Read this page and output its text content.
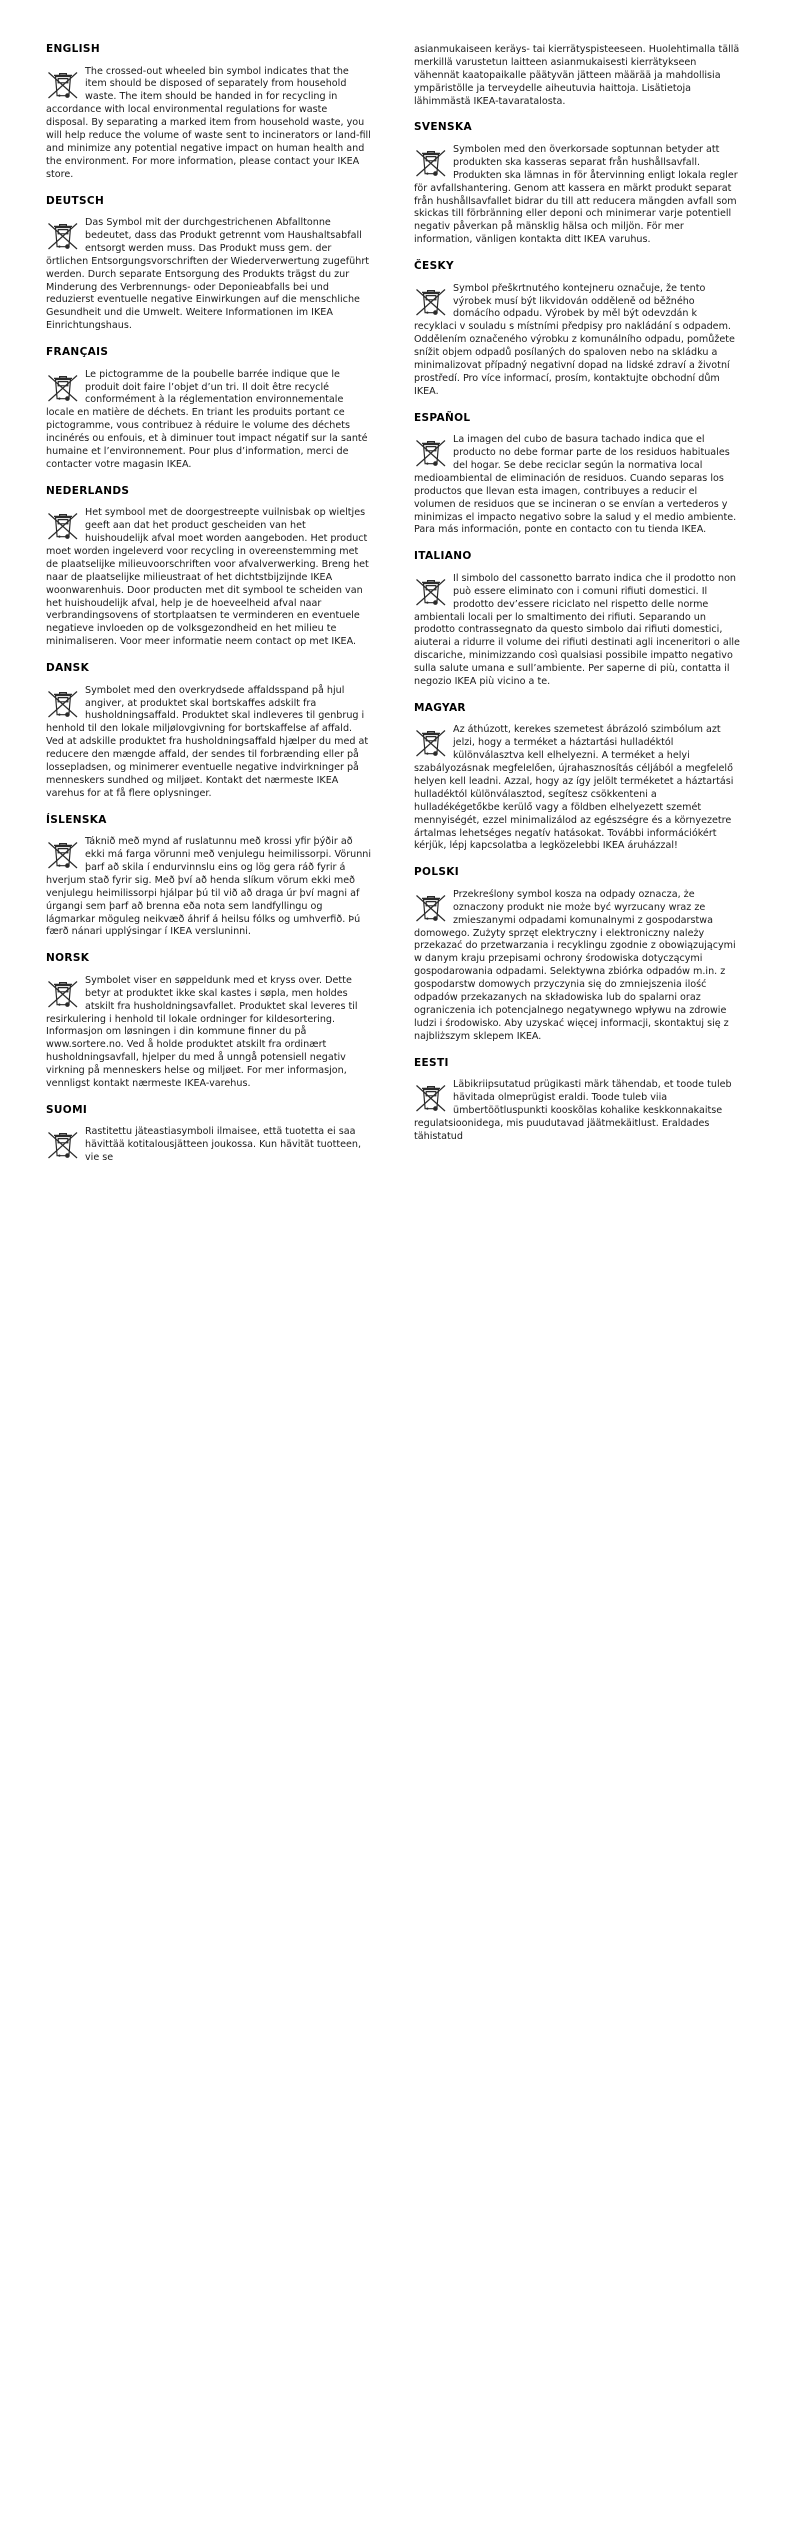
ENGLISH
The crossed-out wheeled bin symbol indicates that the item should be disposed of separately from household waste. The item should be handed in for recycling in accordance with local environmental regulations for waste disposal. By separating a marked item from household waste, you will help reduce the volume of waste sent to incinerators or land-fill and minimize any potential negative impact on human health and the environment. For more information, please contact your IKEA store.
DEUTSCH
Das Symbol mit der durchgestrichenen Abfalltonne bedeutet, dass das Produkt getrennt vom Haushaltsabfall entsorgt werden muss. Das Produkt muss gem. der örtlichen Entsorgungsvorschriften der Wiederverwertung zugeführt werden. Durch separate Entsorgung des Produkts trägst du zur Minderung des Verbrennungs- oder Deponieabfalls bei und reduzierst eventuelle negative Einwirkungen auf die menschliche Gesundheit und die Umwelt. Weitere Informationen im IKEA Einrichtungshaus.
FRANÇAIS
Le pictogramme de la poubelle barrée indique que le produit doit faire l’objet d’un tri. Il doit être recyclé conformément à la réglementation environnementale locale en matière de déchets. En triant les produits portant ce pictogramme, vous contribuez à réduire le volume des déchets incinérés ou enfouis, et à diminuer tout impact négatif sur la santé humaine et l’environnement. Pour plus d’information, merci de contacter votre magasin IKEA.
NEDERLANDS
Het symbool met de doorgestreepte vuilnisbak op wieltjes geeft aan dat het product gescheiden van het huishoudelijk afval moet worden aangeboden. Het product moet worden ingeleverd voor recycling in overeenstemming met de plaatselijke milieuvoorschriften voor afvalverwerking. Breng het naar de plaatselijke milieustraat of het dichtstbijzijnde IKEA woonwarenhuis. Door producten met dit symbool te scheiden van het huishoudelijk afval, help je de hoeveelheid afval naar verbrandingsovens of stortplaatsen te verminderen en eventuele negatieve invloeden op de volksgezondheid en het milieu te minimaliseren. Voor meer informatie neem contact op met IKEA.
DANSK
Symbolet med den overkrydsede affaldsspand på hjul angiver, at produktet skal bortskaffes adskilt fra husholdningsaffald. Produktet skal indleveres til genbrug i henhold til den lokale miljølovgivning for bortskaffelse af affald. Ved at adskille produktet fra husholdningsaffald hjælper du med at reducere den mængde affald, der sendes til forbrænding eller på lossepladsen, og minimerer eventuelle negative indvirkninger på menneskers sundhed og miljøet. Kontakt det nærmeste IKEA varehus for at få flere oplysninger.
ÍSLENSKA
Táknið með mynd af ruslatunnu með krossi yfir þýðir að ekki má farga vörunni með venjulegu heimilissorpi. Vörunni þarf að skila í endurvinnslu eins og lög gera ráð fyrir á hverjum stað fyrir sig. Með því að henda slíkum vörum ekki með venjulegu heimilissorpi hjálpar þú til við að draga úr því magni af úrgangi sem þarf að brenna eða nota sem landfyllingu og lágmarkar möguleg neikvæð áhrif á heilsu fólks og umhverfið. Þú færð nánari upplýsingar í IKEA versluninni.
NORSK
Symbolet viser en søppeldunk med et kryss over. Dette betyr at produktet ikke skal kastes i søpla, men holdes atskilt fra husholdningsavfallet. Produktet skal leveres til resirkulering i henhold til lokale ordninger for kildesortering. Informasjon om løsningen i din kommune finner du på www.sortere.no. Ved å holde produktet atskilt fra ordinært husholdningsavfall, hjelper du med å unngå potensiell negativ virkning på menneskers helse og miljøet. For mer informasjon, vennligst kontakt nærmeste IKEA-varehus.
SUOMI
Rastitettu jäteastiasymboli ilmaisee, että tuotetta ei saa hävittää kotitalousjätteen joukossa. Kun hävität tuotteen, vie se
asianmukaiseen keräys- tai kierrätyspisteeseen. Huolehtimalla tällä merkillä varustetun laitteen asianmukaisesti kierrätykseen vähennät kaatopaikalle päätyvän jätteen määrää ja mahdollisia ympäristölle ja terveydelle aiheutuvia haittoja. Lisätietoja lähimmästä IKEA-tavaratalosta.
SVENSKA
Symbolen med den överkorsade soptunnan betyder att produkten ska kasseras separat från hushållsavfall. Produkten ska lämnas in för återvinning enligt lokala regler för avfallshantering. Genom att kassera en märkt produkt separat från hushållsavfallet bidrar du till att reducera mängden avfall som skickas till förbränning eller deponi och minimerar varje potentiell negativ påverkan på mänsklig hälsa och miljön. För mer information, vänligen kontakta ditt IKEA varuhus.
ČESKY
Symbol přeškrtnutého kontejneru označuje, že tento výrobek musí být likvidován odděleně od běžného domácího odpadu. Výrobek by měl být odevzdán k recyklaci v souladu s místními předpisy pro nakládání s odpadem. Oddělením označeného výrobku z komunálního odpadu, pomůžete snížit objem odpadů posílaných do spaloven nebo na skládku a minimalizovat případný negativní dopad na lidské zdraví a životní prostředí. Pro více informací, prosím, kontaktujte obchodní dům IKEA.
ESPAÑOL
La imagen del cubo de basura tachado indica que el producto no debe formar parte de los residuos habituales del hogar. Se debe reciclar según la normativa local medioambiental de eliminación de residuos. Cuando separas los productos que llevan esta imagen, contribuyes a reducir el volumen de residuos que se incineran o se envían a vertederos y minimizas el impacto negativo sobre la salud y el medio ambiente. Para más información, ponte en contacto con tu tienda IKEA.
ITALIANO
Il simbolo del cassonetto barrato indica che il prodotto non può essere eliminato con i comuni rifiuti domestici. Il prodotto dev’essere riciclato nel rispetto delle norme ambientali locali per lo smaltimento dei rifiuti. Separando un prodotto contrassegnato da questo simbolo dai rifiuti domestici, aiuterai a ridurre il volume dei rifiuti destinati agli inceneritori o alle discariche, minimizzando così qualsiasi possibile impatto negativo sulla salute umana e sull’ambiente. Per saperne di più, contatta il negozio IKEA più vicino a te.
MAGYAR
Az áthúzott, kerekes szemetest ábrázoló szimbólum azt jelzi, hogy a terméket a háztartási hulladéktól különválasztva kell elhelyezni. A terméket a helyi szabályozásnak megfelelően, újrahasznosítás céljából a megfelelő helyen kell leadni. Azzal, hogy az így jelölt terméketet a háztartási hulladéktól különválasztod, segítesz csökkenteni a hulladékégetőkbe kerülő vagy a földben elhelyezett szemét mennyiségét, ezzel minimalizálod az egészségre és a környezetre ártalmas lehetséges negatív hatásokat. További információkért kérjük, lépj kapcsolatba a legközelebbi IKEA áruházzal!
POLSKI
Przekreślony symbol kosza na odpady oznacza, że oznaczony produkt nie może być wyrzucany wraz ze zmieszanymi odpadami komunalnymi z gospodarstwa domowego. Zużyty sprzęt elektryczny i elektroniczny należy przekazać do przetwarzania i recyklingu zgodnie z obowiązującymi w danym kraju przepisami ochrony środowiska dotyczącymi gospodarowania odpadami. Selektywna zbiórka odpadów m.in. z gospodarstw domowych przyczynia się do zmniejszenia ilość odpadów przekazanych na składowiska lub do spalarni oraz ograniczenia ich potencjalnego negatywnego wpływu na zdrowie ludzi i środowisko. Aby uzyskać więcej informacji, skontaktuj się z najbliższym sklepem IKEA.
EESTI
Läbikriipsutatud prügikasti märk tähendab, et toode tuleb hävitada olmeprügist eraldi. Toode tuleb viia ümbertöötluspunkti kooskõlas kohalike keskkonnakaitse regulatsioonidega, mis puudutavad jäätmekäitlust. Eraldades tähistatud
